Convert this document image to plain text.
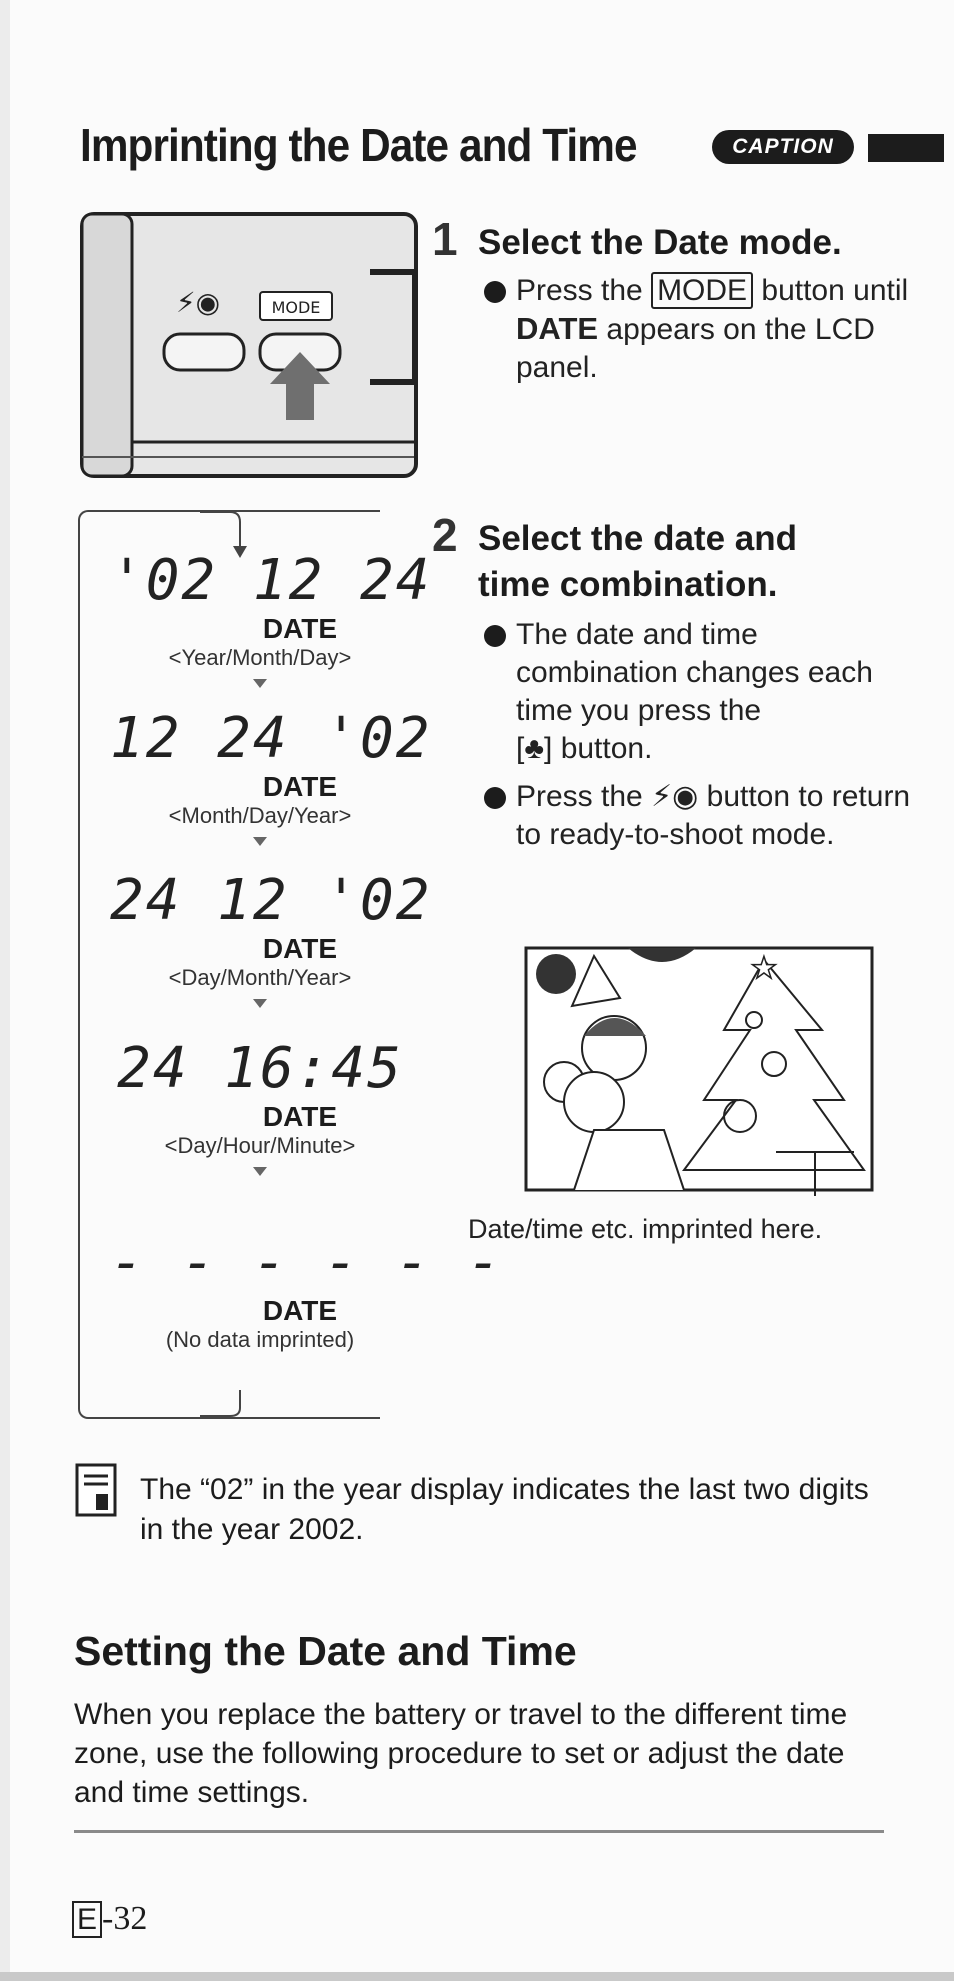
Imprinting the Date and Time	CAPTION
⚡◉	MODE
1 Select the Date mode.
Press the MODE button until DATE appears on the LCD panel.
2 Select the date and
time combination.
The date and time combination changes each time you press the
[♣] button.
Press the ⚡◉ button to return to ready-to-shoot mode.
'02 12 24
DATE
<Year/Month/Day>
12 24 '02
DATE
<Month/Day/Year>
24 12 '02
DATE
<Day/Month/Year>
24 16:45
DATE
<Day/Hour/Minute>
- - - - - -
DATE
(No data imprinted)
★
Date/time etc. imprinted here.
The “02” in the year display indicates the last two digits in the year 2002.
Setting the Date and Time
When you replace the battery or travel to the different time zone, use the following procedure to set or adjust the date and time settings.
E -32
